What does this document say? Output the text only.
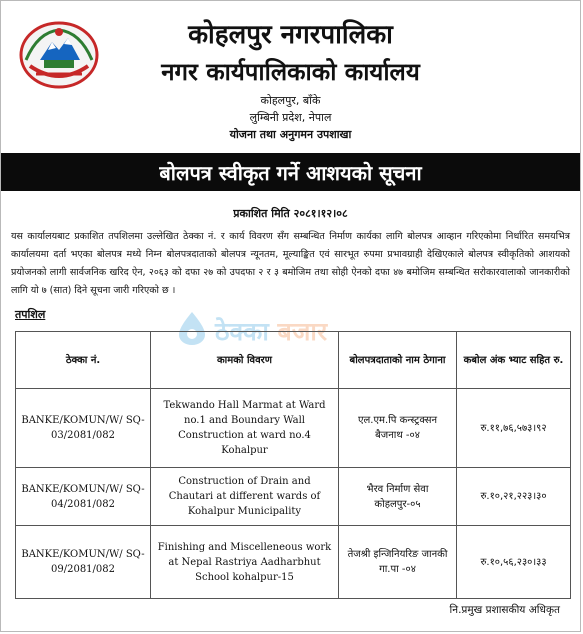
कोहलपुर नगरपालिका
नगर कार्यपालिकाको कार्यालय
कोहलपुर, बाँके
लुम्बिनी प्रदेश, नेपाल
योजना तथा अनुगमन उपशाखा
बोलपत्र स्वीकृत गर्ने आशयको सूचना
प्रकाशित मिति २०८१।१२।०८
यस कार्यालयबाट प्रकाशित तपशिलमा उल्लेखित ठेक्का नं. र कार्य विवरण सँग सम्बन्धित निर्माण कार्यका लागि बोलपत्र आव्हान गरिएकोमा निर्धारित समयभित्र कार्यालयमा दर्ता भएका बोलपत्र मध्ये निम्न बोलपत्रदाताको बोलपत्र न्यूनतम, मूल्याङ्कित एवं सारभूत रुपमा प्रभावग्राही देखिएकाले बोलपत्र स्वीकृतिको आशयको प्रयोजनको लागी सार्वजनिक खरिद ऐन, २०६३ को दफा २७ को उपदफा २ र ३ बमोजिम तथा सोही ऐनको दफा ४७ बमोजिम सम्बन्धित सरोकारवालाको जानकारीको लागि यो ७ (सात) दिने सूचना जारी गरिएको छ ।
ठेक्का बजार
तपशिल
ठेक्का नं.	कामको विवरण	बोलपत्रदाताको नाम ठेगाना	कबोल अंक भ्याट सहित रु.
BANKE/KOMUN/W/ SQ-03/2081/082	Tekwando Hall Marmat at Ward no.1 and Boundary Wall Construction at ward no.4 Kohalpur	एल.एम.पि कन्स्ट्रक्सन बैजनाथ -०४	रु.११,७६,५७३।९२
BANKE/KOMUN/W/ SQ-04/2081/082	Construction of Drain and Chautari at different wards of Kohalpur Municipality	भैरव निर्माण सेवा कोहलपुर-०५	रु.१०,२१,२२३।३०
BANKE/KOMUN/W/ SQ-09/2081/082	Finishing and Miscelleneous work at Nepal Rastriya Aadharbhut School kohalpur-15	तेजश्री इन्जिनियरिङ जानकी गा.पा -०४	रु.१०,५६,२३०।३३
नि.प्रमुख प्रशासकीय अधिकृत
